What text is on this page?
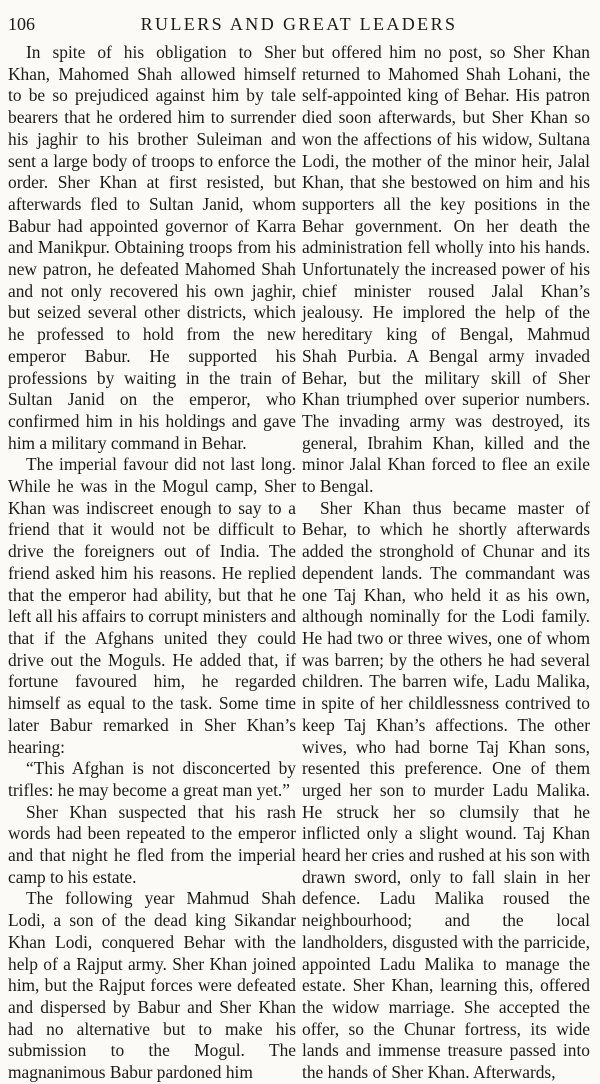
106	RULERS AND GREAT LEADERS

In spite of his obligation to Sher Khan, Mahomed Shah allowed himself to be so prejudiced against him by tale bearers that he ordered him to surrender his jaghir to his brother Suleiman and sent a large body of troops to enforce the order. Sher Khan at first resisted, but afterwards fled to Sultan Janid, whom Babur had appointed governor of Karra and Manikpur. Obtaining troops from his new patron, he defeated Mahomed Shah and not only recovered his own jaghir, but seized several other districts, which he professed to hold from the new emperor Babur. He supported his professions by waiting in the train of Sultan Janid on the emperor, who confirmed him in his holdings and gave him a military command in Behar.

The imperial favour did not last long. While he was in the Mogul camp, Sher Khan was indiscreet enough to say to a friend that it would not be difficult to drive the foreigners out of India. The friend asked him his reasons. He replied that the emperor had ability, but that he left all his affairs to corrupt ministers and that if the Afghans united they could drive out the Moguls. He added that, if fortune favoured him, he regarded himself as equal to the task. Some time later Babur remarked in Sher Khan’s hearing:

“This Afghan is not disconcerted by trifles: he may become a great man yet.”

Sher Khan suspected that his rash words had been repeated to the emperor and that night he fled from the imperial camp to his estate.

The following year Mahmud Shah Lodi, a son of the dead king Sikandar Khan Lodi, conquered Behar with the help of a Rajput army. Sher Khan joined him, but the Rajput forces were defeated and dispersed by Babur and Sher Khan had no alternative but to make his submission to the Mogul. The magnanimous Babur pardoned him

but offered him no post, so Sher Khan returned to Mahomed Shah Lohani, the self-appointed king of Behar. His patron died soon afterwards, but Sher Khan so won the affections of his widow, Sultana Lodi, the mother of the minor heir, Jalal Khan, that she bestowed on him and his supporters all the key positions in the Behar government. On her death the administration fell wholly into his hands. Unfortunately the increased power of his chief minister roused Jalal Khan’s jealousy. He implored the help of the hereditary king of Bengal, Mahmud Shah Purbia. A Bengal army invaded Behar, but the military skill of Sher Khan triumphed over superior numbers. The invading army was destroyed, its general, Ibrahim Khan, killed and the minor Jalal Khan forced to flee an exile to Bengal.

Sher Khan thus became master of Behar, to which he shortly afterwards added the stronghold of Chunar and its dependent lands. The commandant was one Taj Khan, who held it as his own, although nominally for the Lodi family. He had two or three wives, one of whom was barren; by the others he had several children. The barren wife, Ladu Malika, in spite of her childlessness contrived to keep Taj Khan’s affections. The other wives, who had borne Taj Khan sons, resented this preference. One of them urged her son to murder Ladu Malika. He struck her so clumsily that he inflicted only a slight wound. Taj Khan heard her cries and rushed at his son with drawn sword, only to fall slain in her defence. Ladu Malika roused the neighbourhood; and the local landholders, disgusted with the parricide, appointed Ladu Malika to manage the estate. Sher Khan, learning this, offered the widow marriage. She accepted the offer, so the Chunar fortress, its wide lands and immense treasure passed into the hands of Sher Khan. Afterwards,
